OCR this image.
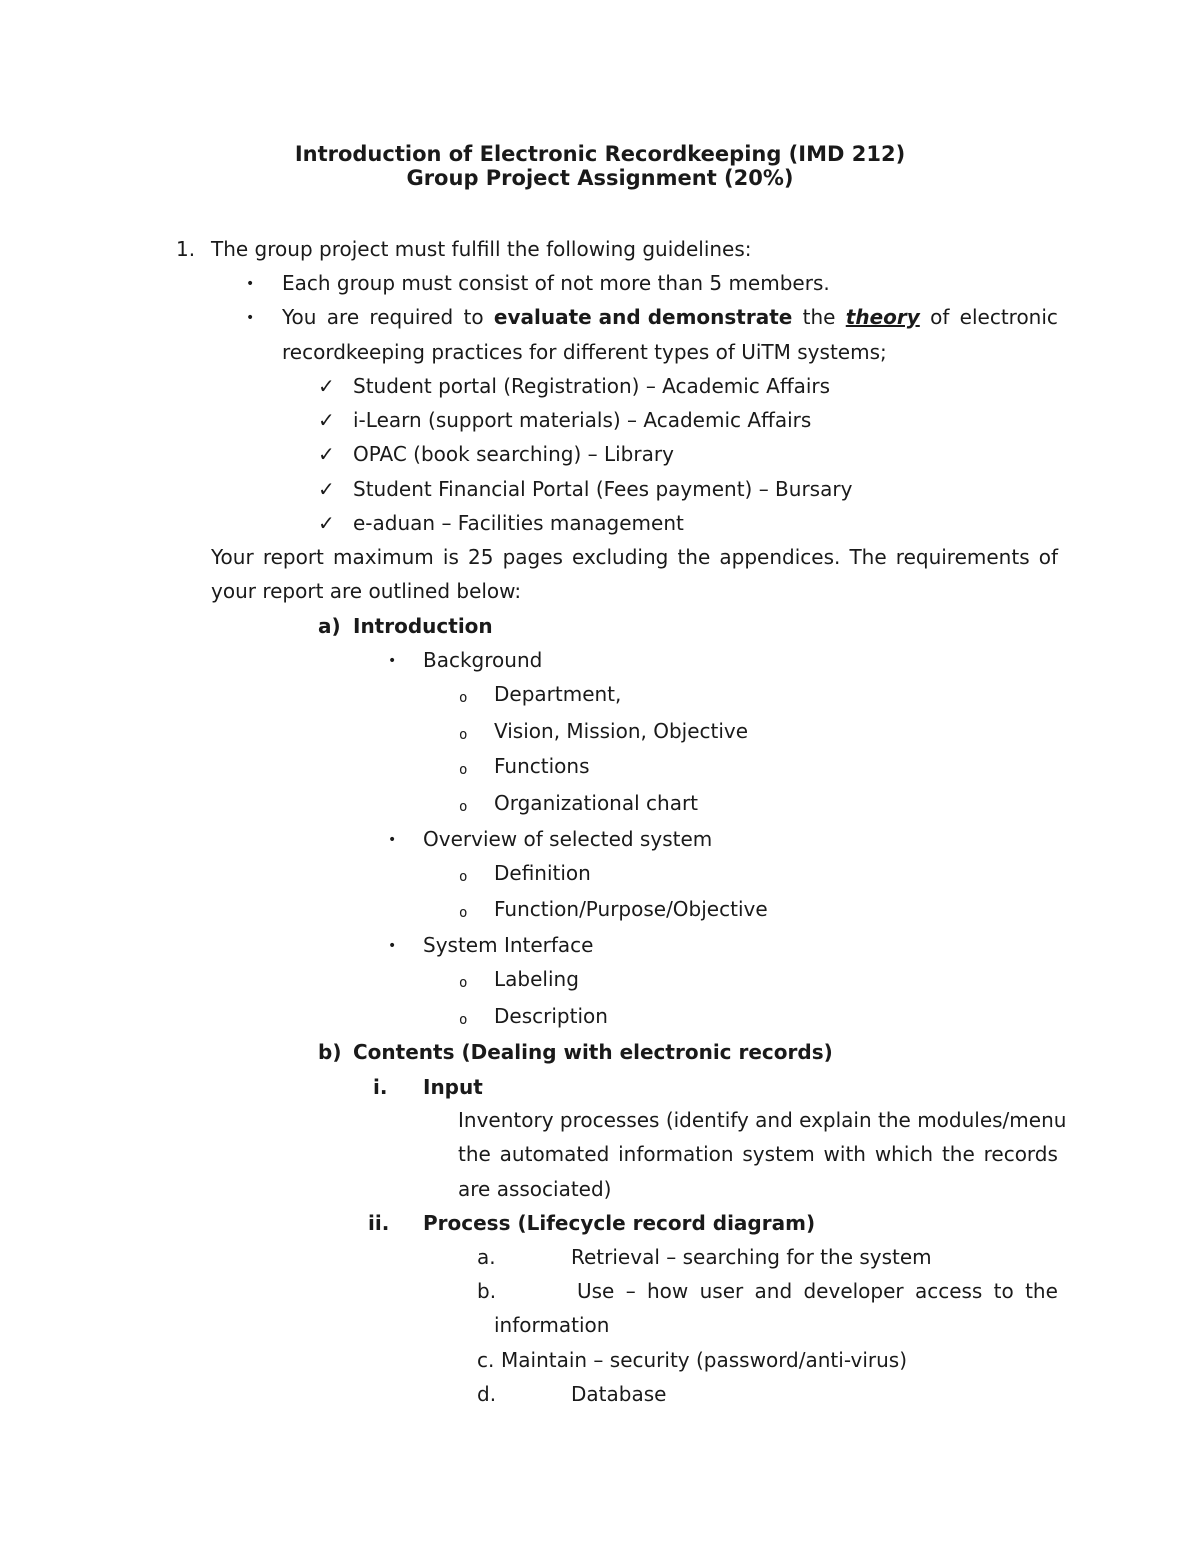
Introduction of Electronic Recordkeeping (IMD 212)
Group Project Assignment (20%)
1. The group project must fulfill the following guidelines:
• Each group must consist of not more than 5 members.
• You are required to evaluate and demonstrate the theory of electronic
recordkeeping practices for different types of UiTM systems;
✓ Student portal (Registration) – Academic Affairs
✓ i-Learn (support materials) – Academic Affairs
✓ OPAC (book searching) – Library
✓ Student Financial Portal (Fees payment) – Bursary
✓ e-aduan – Facilities management
Your report maximum is 25 pages excluding the appendices. The requirements of
your report are outlined below:
a) Introduction
• Background
o Department,
o Vision, Mission, Objective
o Functions
o Organizational chart
• Overview of selected system
o Definition
o Function/Purpose/Objective
• System Interface
o Labeling
o Description
b) Contents (Dealing with electronic records)
i. Input
Inventory processes (identify and explain the modules/menu
the automated information system with which the records
are associated)
ii. Process (Lifecycle record diagram)
a.	Retrieval – searching for the system
b.	Use – how user and developer access to the
information
c. Maintain – security (password/anti-virus)
d.	Database
